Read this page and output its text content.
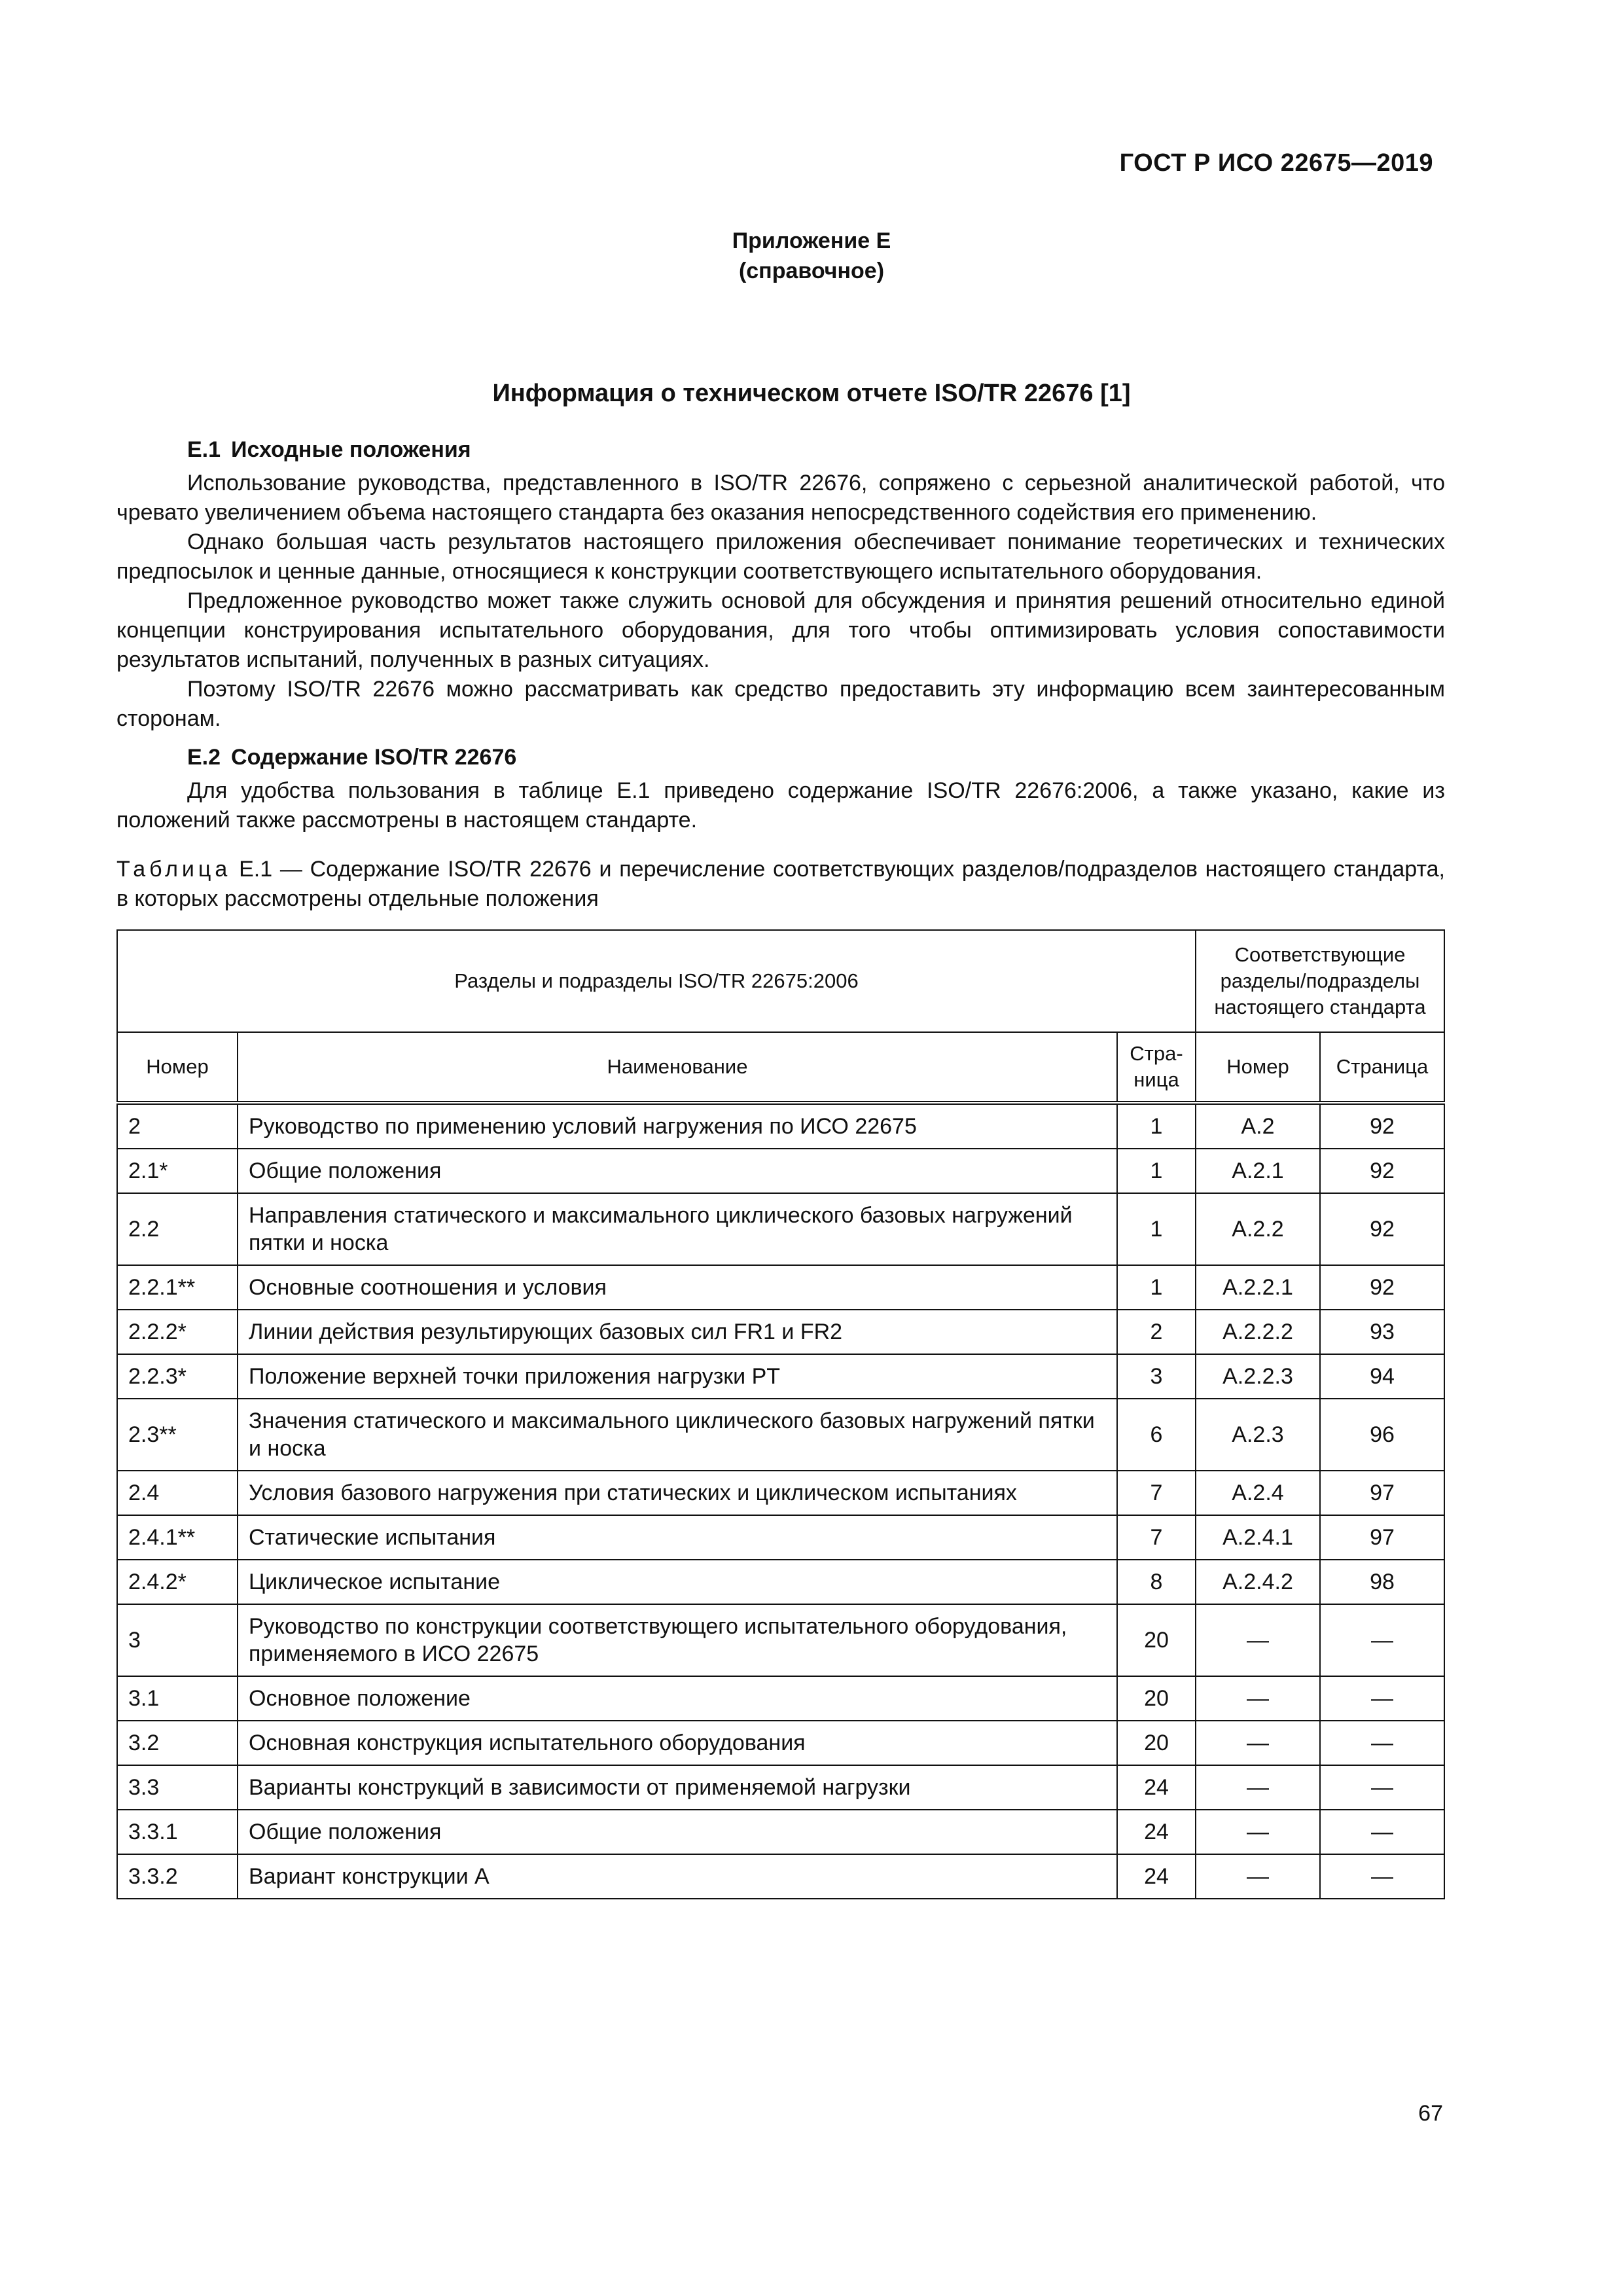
ГОСТ Р ИСО 22675—2019
Приложение Е
(справочное)
Информация о техническом отчете ISO/TR 22676 [1]
Е.1 Исходные положения

Использование руководства, представленного в ISO/TR 22676, сопряжено с серьезной аналитической работой, что чревато увеличением объема настоящего стандарта без оказания непосредственного содействия его применению.

Однако большая часть результатов настоящего приложения обеспечивает понимание теоретических и технических предпосылок и ценные данные, относящиеся к конструкции соответствующего испытательного оборудования.

Предложенное руководство может также служить основой для обсуждения и принятия решений относительно единой концепции конструирования испытательного оборудования, для того чтобы оптимизировать условия сопоставимости результатов испытаний, полученных в разных ситуациях.

Поэтому ISO/TR 22676 можно рассматривать как средство предоставить эту информацию всем заинтересованным сторонам.

Е.2 Содержание ISO/TR 22676

Для удобства пользования в таблице Е.1 приведено содержание ISO/TR 22676:2006, а также указано, какие из положений также рассмотрены в настоящем стандарте.

Таблица Е.1 — Содержание ISO/TR 22676 и перечисление соответствующих разделов/подразделов настоящего стандарта, в которых рассмотрены отдельные положения
Разделы и подразделы ISO/TR 22675:2006			Соответствующие разделы/подразделы настоящего стандарта	
Номер	Наименование	Стра-ница	Номер	Страница
2	Руководство по применению условий нагружения по ИСО 22675	1	А.2	92
2.1*	Общие положения	1	А.2.1	92
2.2	Направления статического и максимального циклического базовых нагружений пятки и носка	1	А.2.2	92
2.2.1**	Основные соотношения и условия	1	А.2.2.1	92
2.2.2*	Линии действия результирующих базовых сил FR1 и FR2	2	А.2.2.2	93
2.2.3*	Положение верхней точки приложения нагрузки PT	3	А.2.2.3	94
2.3**	Значения статического и максимального циклического базовых нагружений пятки и носка	6	А.2.3	96
2.4	Условия базового нагружения при статических и циклическом испытаниях	7	А.2.4	97
2.4.1**	Статические испытания	7	А.2.4.1	97
2.4.2*	Циклическое испытание	8	А.2.4.2	98
3	Руководство по конструкции соответствующего испытательного оборудования, применяемого в ИСО 22675	20	—	—
3.1	Основное положение	20	—	—
3.2	Основная конструкция испытательного оборудования	20	—	—
3.3	Варианты конструкций в зависимости от применяемой нагрузки	24	—	—
3.3.1	Общие положения	24	—	—
3.3.2	Вариант конструкции А	24	—	—
67
